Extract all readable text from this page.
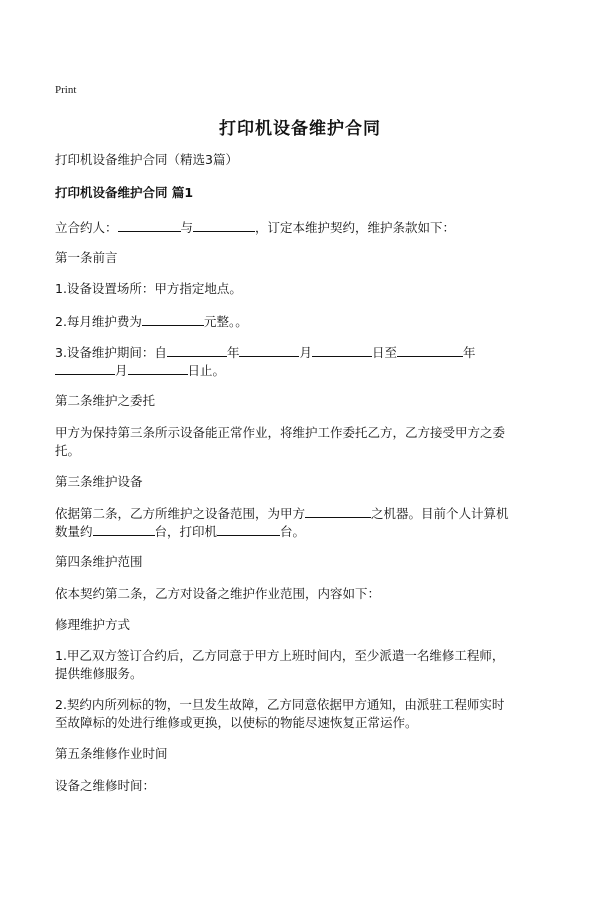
Print
打印机设备维护合同
打印机设备维护合同（精选3篇）
打印机设备维护合同 篇1
立合约人：	与	，订定本维护契约，维护条款如下：
第一条前言
1.设备设置场所：甲方指定地点。
2.每月维护费为	元整。。
3.设备维护期间：自	年	月	日至	年
月	日止。
第二条维护之委托
甲方为保持第三条所示设备能正常作业，将维护工作委托乙方，乙方接受甲方之委
托。
第三条维护设备
依据第二条，乙方所维护之设备范围，为甲方	之机器。目前个人计算机
数量约	台，打印机	台。
第四条维护范围
依本契约第二条，乙方对设备之维护作业范围，内容如下：
修理维护方式
1.甲乙双方签订合约后，乙方同意于甲方上班时间内，至少派遣一名维修工程师，
提供维修服务。
2.契约内所列标的物，一旦发生故障，乙方同意依据甲方通知，由派驻工程师实时
至故障标的处进行维修或更换，以使标的物能尽速恢复正常运作。
第五条维修作业时间
设备之维修时间：
